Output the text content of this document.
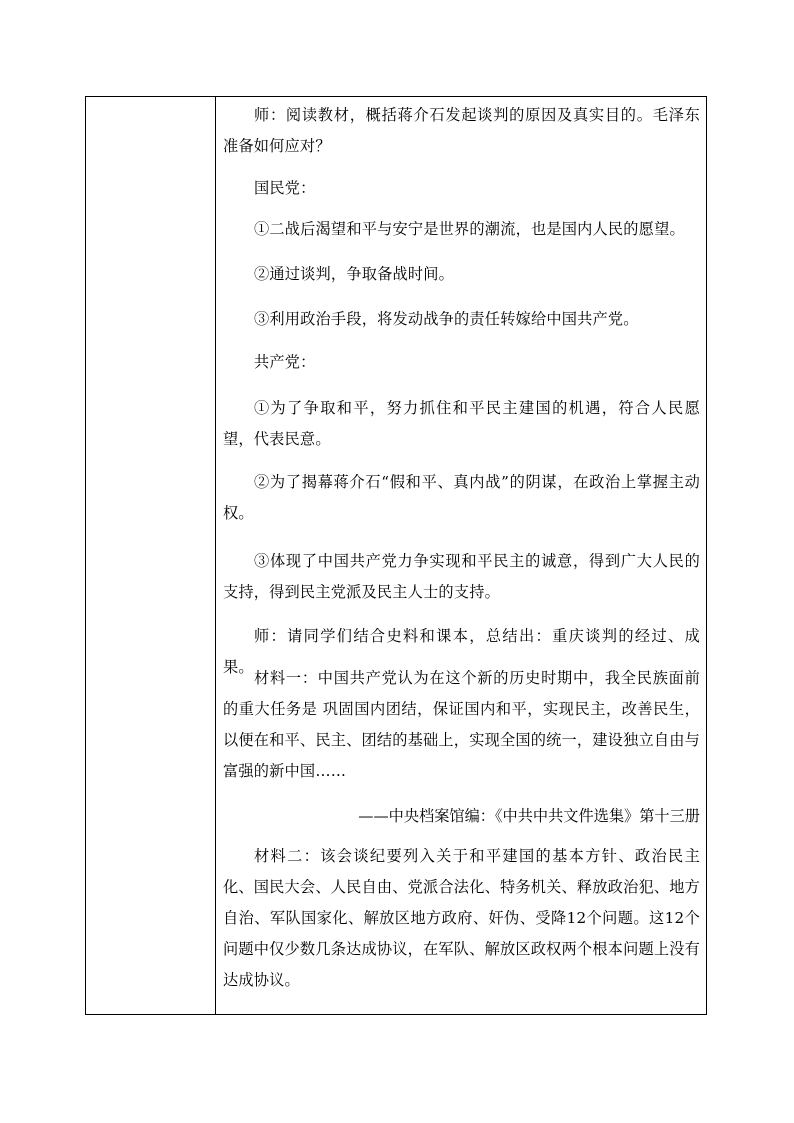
师：阅读教材，概括蒋介石发起谈判的原因及真实目的。毛泽东准备如何应对？

国民党：

①二战后渴望和平与安宁是世界的潮流，也是国内人民的愿望。

②通过谈判，争取备战时间。

③利用政治手段，将发动战争的责任转嫁给中国共产党。

共产党：

①为了争取和平，努力抓住和平民主建国的机遇，符合人民愿望，代表民意。

②为了揭幕蒋介石“假和平、真内战”的阴谋，在政治上掌握主动权。

③体现了中国共产党力争实现和平民主的诚意，得到广大人民的支持，得到民主党派及民主人士的支持。

师：请同学们结合史料和课本，总结出：重庆谈判的经过、成果。

材料一：中国共产党认为在这个新的历史时期中，我全民族面前的重大任务是 巩固国内团结，保证国内和平，实现民主，改善民生，以便在和平、民主、团结的基础上，实现全国的统一，建设独立自由与富强的新中国……

——中央档案馆编：《中共中共文件选集》第十三册

材料二：该会谈纪要列入关于和平建国的基本方针、政治民主化、国民大会、人民自由、党派合法化、特务机关、释放政治犯、地方自治、军队国家化、解放区地方政府、奸伪、受降12个问题。这12个问题中仅少数几条达成协议，在军队、解放区政权两个根本问题上没有达成协议。
